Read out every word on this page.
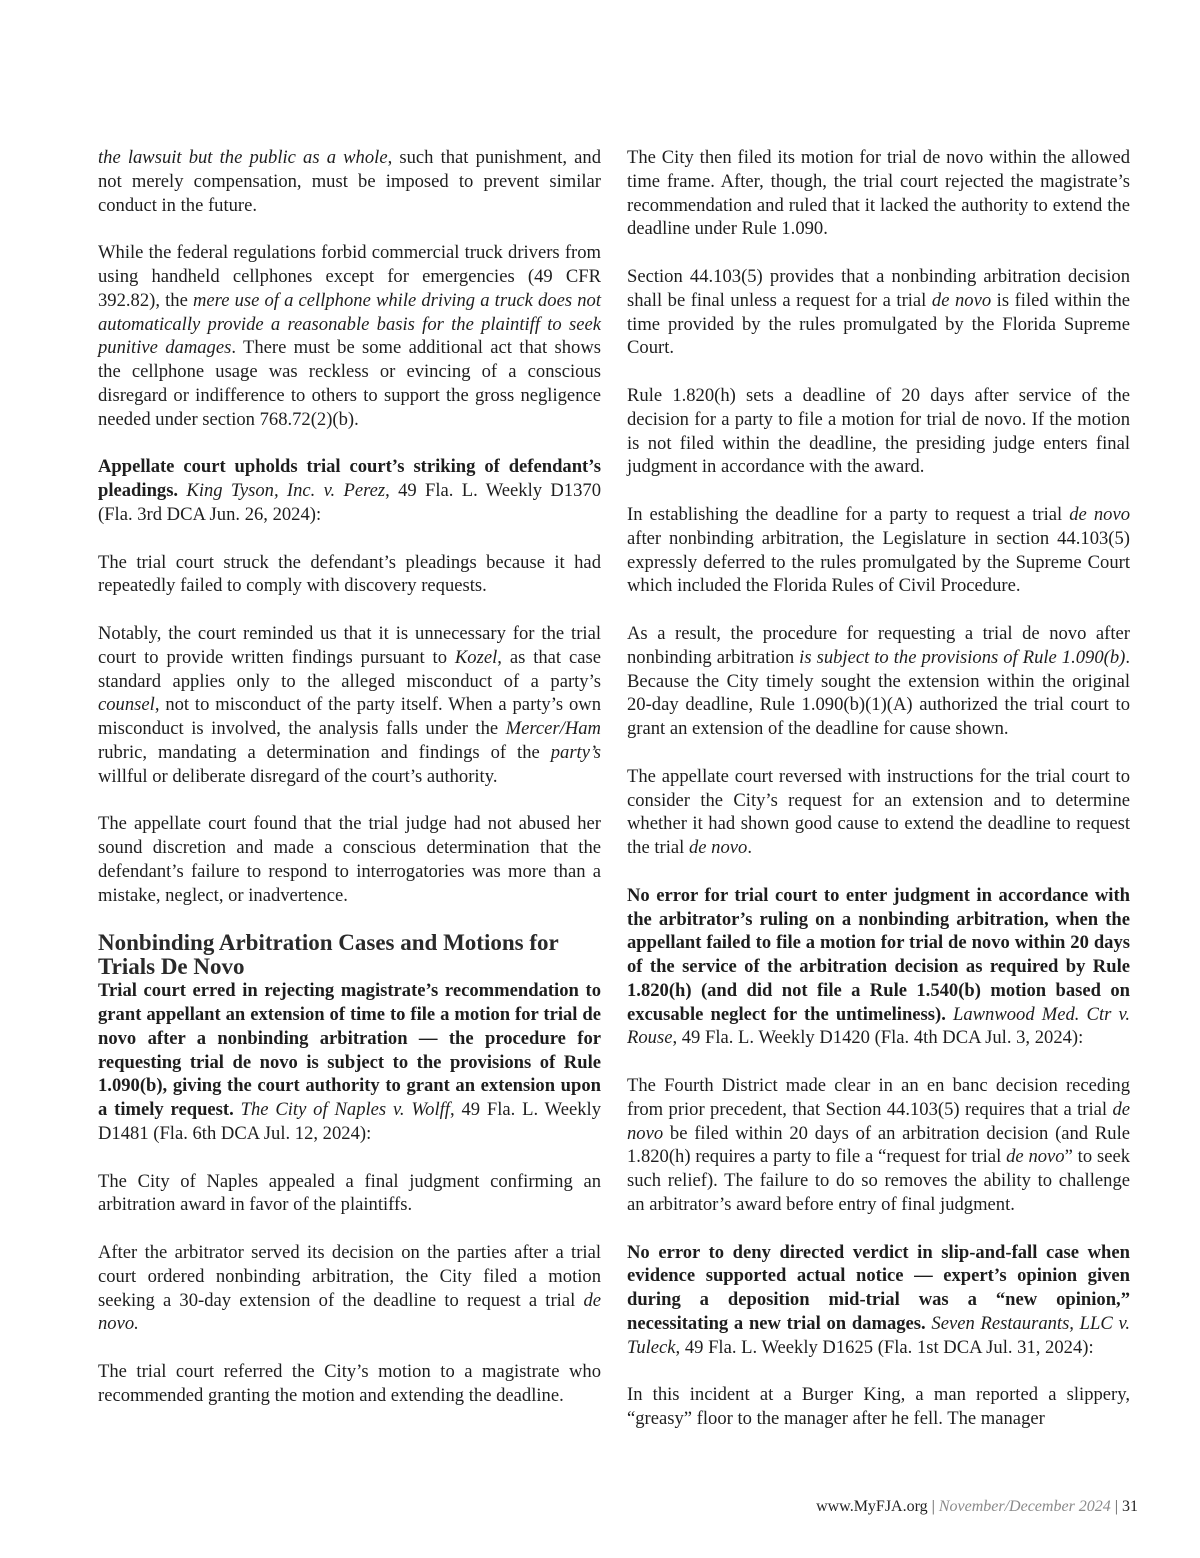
the lawsuit but the public as a whole, such that punishment, and not merely compensation, must be imposed to prevent similar conduct in the future.

While the federal regulations forbid commercial truck drivers from using handheld cellphones except for emergencies (49 CFR 392.82), the mere use of a cellphone while driving a truck does not automatically provide a reasonable basis for the plaintiff to seek punitive damages. There must be some additional act that shows the cellphone usage was reckless or evincing of a conscious disregard or indifference to others to support the gross negligence needed under section 768.72(2)(b).

Appellate court upholds trial court’s striking of defendant’s pleadings. King Tyson, Inc. v. Perez, 49 Fla. L. Weekly D1370 (Fla. 3rd DCA Jun. 26, 2024):

The trial court struck the defendant’s pleadings because it had repeatedly failed to comply with discovery requests.

Notably, the court reminded us that it is unnecessary for the trial court to provide written findings pursuant to Kozel, as that case standard applies only to the alleged misconduct of a party’s counsel, not to misconduct of the party itself. When a party’s own misconduct is involved, the analysis falls under the Mercer/Ham rubric, mandating a determination and findings of the party’s willful or deliberate disregard of the court’s authority.

The appellate court found that the trial judge had not abused her sound discretion and made a conscious determination that the defendant’s failure to respond to interrogatories was more than a mistake, neglect, or inadvertence.

Nonbinding Arbitration Cases and Motions for Trials De Novo

Trial court erred in rejecting magistrate’s recommendation to grant appellant an extension of time to file a motion for trial de novo after a nonbinding arbitration — the procedure for requesting trial de novo is subject to the provisions of Rule 1.090(b), giving the court authority to grant an extension upon a timely request. The City of Naples v. Wolff, 49 Fla. L. Weekly D1481 (Fla. 6th DCA Jul. 12, 2024):

The City of Naples appealed a final judgment confirming an arbitration award in favor of the plaintiffs.

After the arbitrator served its decision on the parties after a trial court ordered nonbinding arbitration, the City filed a motion seeking a 30-day extension of the deadline to request a trial de novo.

The trial court referred the City’s motion to a magistrate who recommended granting the motion and extending the deadline.

The City then filed its motion for trial de novo within the allowed time frame. After, though, the trial court rejected the magistrate’s recommendation and ruled that it lacked the authority to extend the deadline under Rule 1.090.

Section 44.103(5) provides that a nonbinding arbitration decision shall be final unless a request for a trial de novo is filed within the time provided by the rules promulgated by the Florida Supreme Court.

Rule 1.820(h) sets a deadline of 20 days after service of the decision for a party to file a motion for trial de novo. If the motion is not filed within the deadline, the presiding judge enters final judgment in accordance with the award.

In establishing the deadline for a party to request a trial de novo after nonbinding arbitration, the Legislature in section 44.103(5) expressly deferred to the rules promulgated by the Supreme Court which included the Florida Rules of Civil Procedure.

As a result, the procedure for requesting a trial de novo after nonbinding arbitration is subject to the provisions of Rule 1.090(b). Because the City timely sought the extension within the original 20-day deadline, Rule 1.090(b)(1)(A) authorized the trial court to grant an extension of the deadline for cause shown.

The appellate court reversed with instructions for the trial court to consider the City’s request for an extension and to determine whether it had shown good cause to extend the deadline to request the trial de novo.

No error for trial court to enter judgment in accordance with the arbitrator’s ruling on a nonbinding arbitration, when the appellant failed to file a motion for trial de novo within 20 days of the service of the arbitration decision as required by Rule 1.820(h) (and did not file a Rule 1.540(b) motion based on excusable neglect for the untimeliness). Lawnwood Med. Ctr v. Rouse, 49 Fla. L. Weekly D1420 (Fla. 4th DCA Jul. 3, 2024):

The Fourth District made clear in an en banc decision receding from prior precedent, that Section 44.103(5) requires that a trial de novo be filed within 20 days of an arbitration decision (and Rule 1.820(h) requires a party to file a “request for trial de novo” to seek such relief). The failure to do so removes the ability to challenge an arbitrator’s award before entry of final judgment.

No error to deny directed verdict in slip-and-fall case when evidence supported actual notice — expert’s opinion given during a deposition mid-trial was a “new opinion,” necessitating a new trial on damages. Seven Restaurants, LLC v. Tuleck, 49 Fla. L. Weekly D1625 (Fla. 1st DCA Jul. 31, 2024):

In this incident at a Burger King, a man reported a slippery, “greasy” floor to the manager after he fell. The manager

www.MyFJA.org | November/December 2024 | 31
